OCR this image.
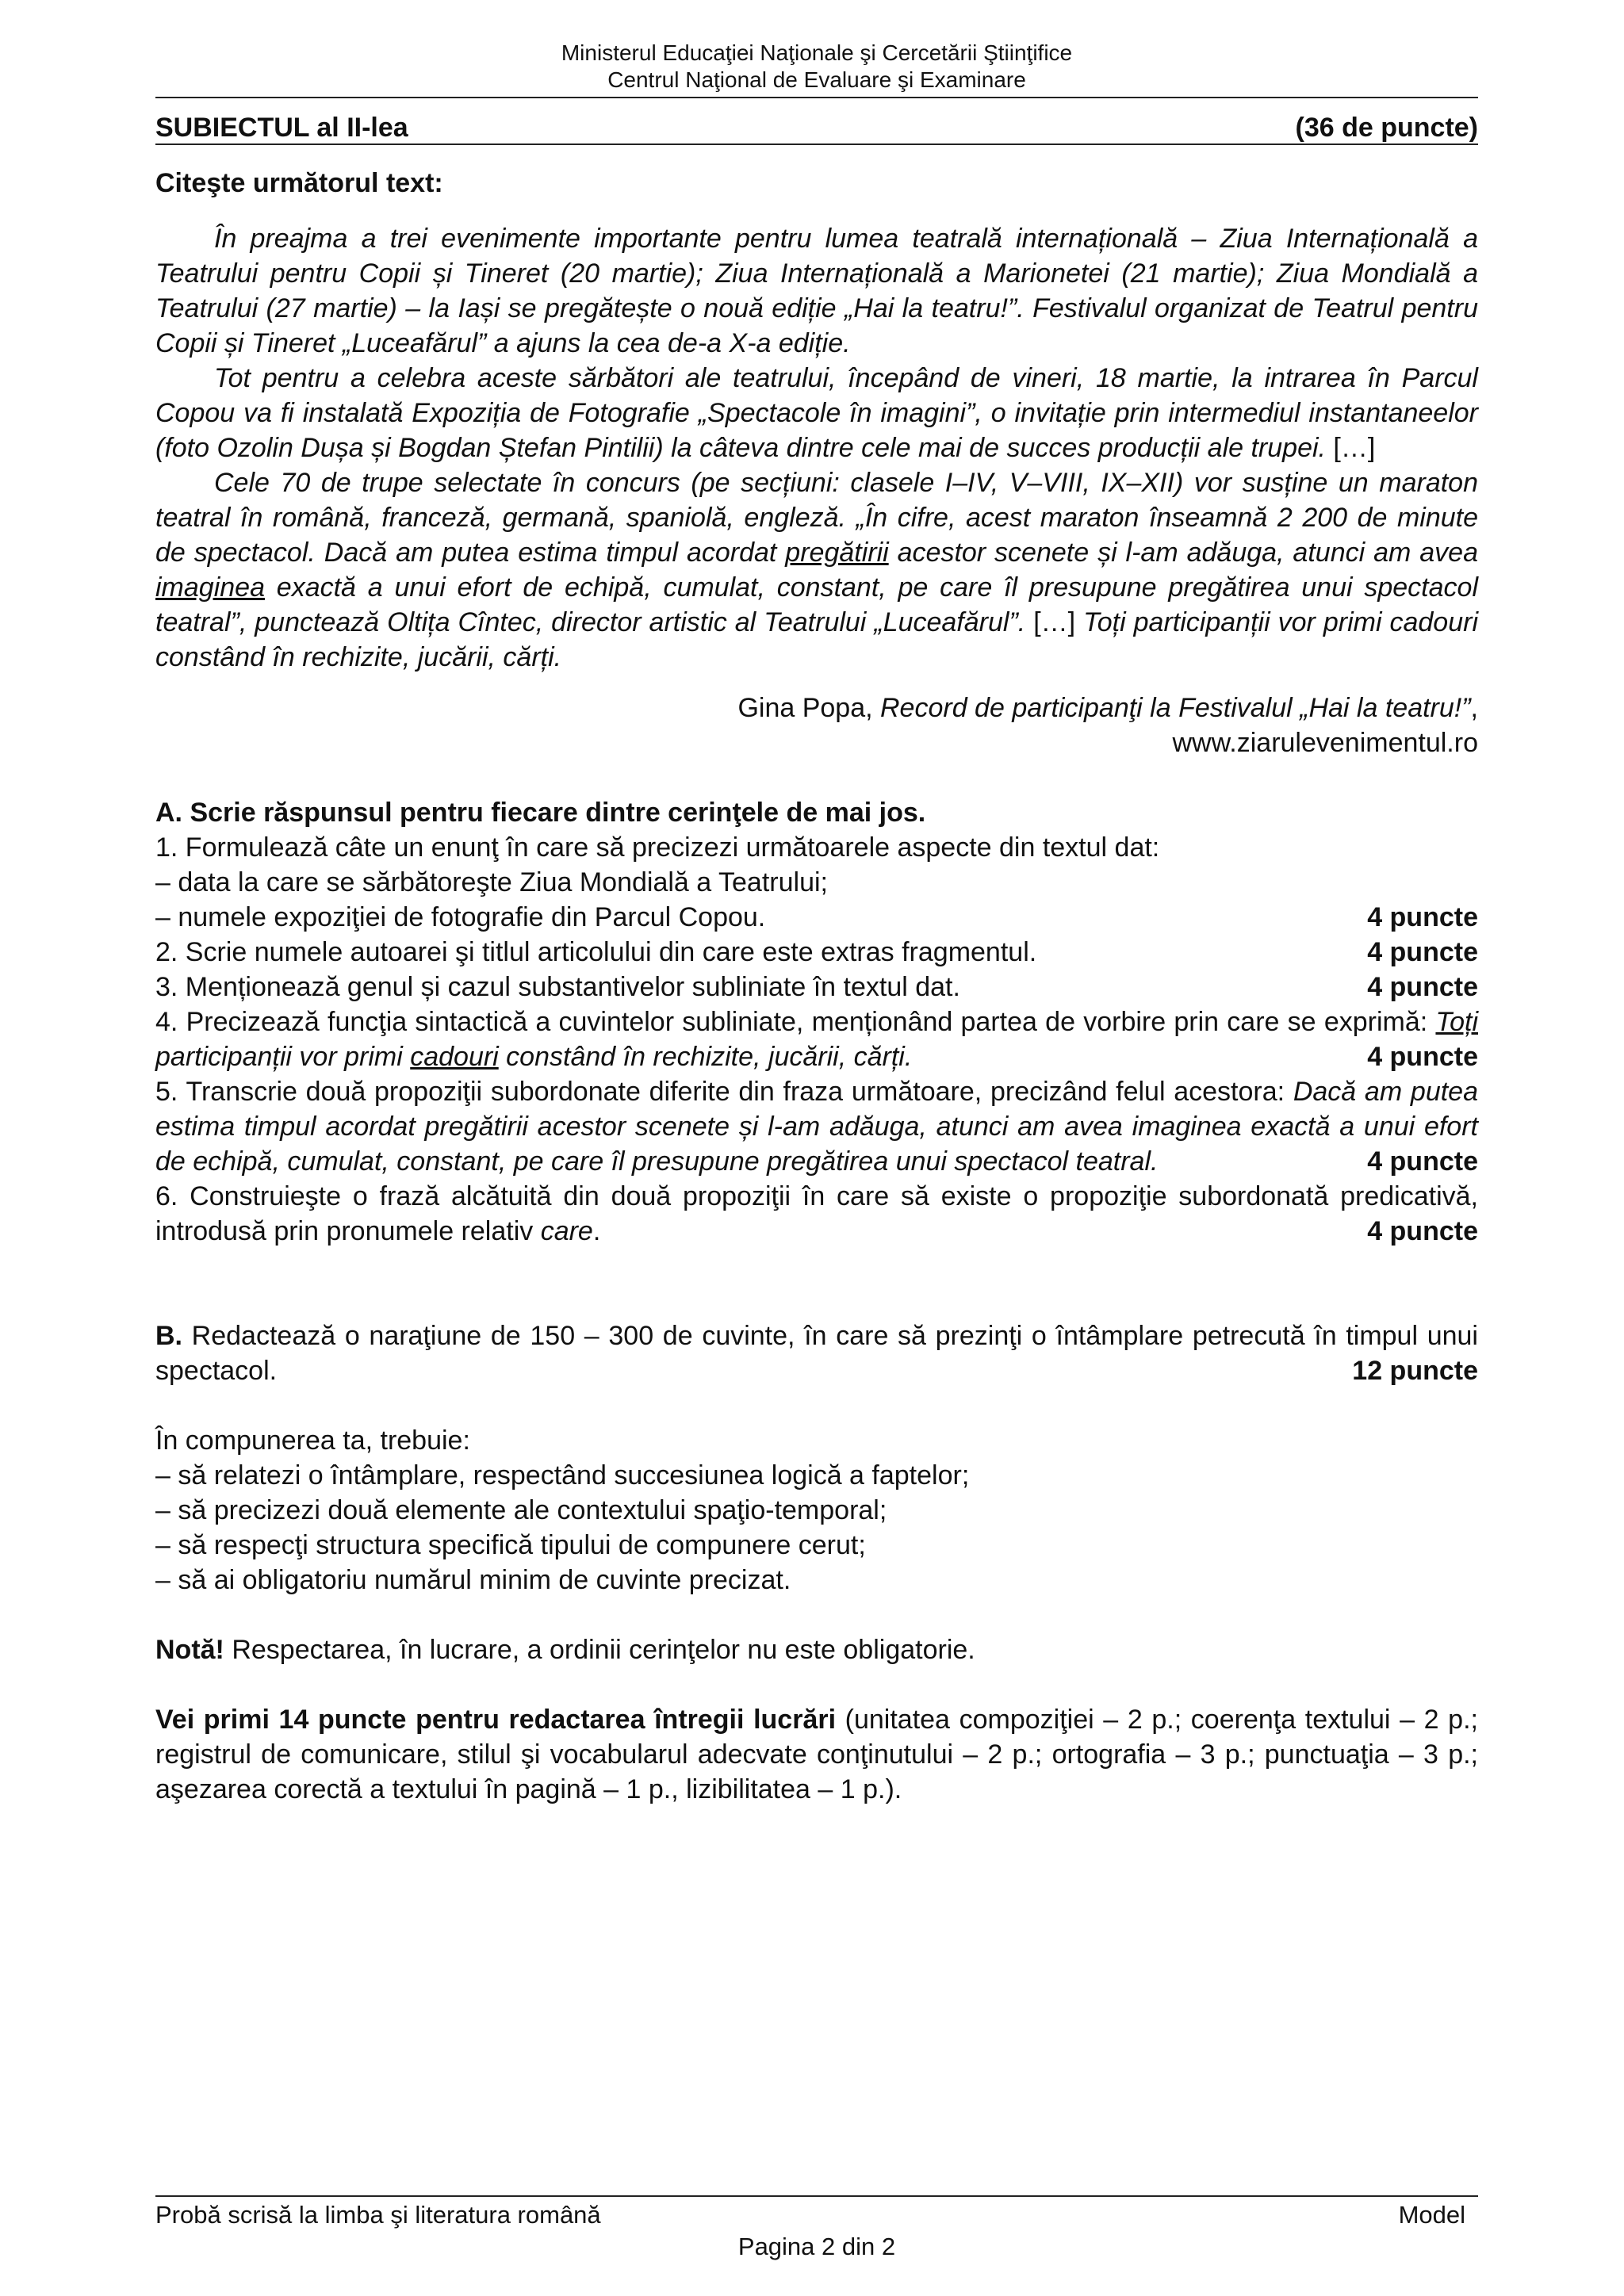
Ministerul Educaţiei Naţionale şi Cercetării Ştiinţifice
Centrul Naţional de Evaluare şi Examinare
SUBIECTUL al II-lea	(36 de puncte)

Citeşte următorul text:

În preajma a trei evenimente importante pentru lumea teatrală internațională – Ziua Internațională a Teatrului pentru Copii și Tineret (20 martie); Ziua Internațională a Marionetei (21 martie); Ziua Mondială a Teatrului (27 martie) – la Iași se pregătește o nouă ediție „Hai la teatru!”. Festivalul organizat de Teatrul pentru Copii și Tineret „Luceafărul” a ajuns la cea de-a X-a ediție.

Tot pentru a celebra aceste sărbători ale teatrului, începând de vineri, 18 martie, la intrarea în Parcul Copou va fi instalată Expoziția de Fotografie „Spectacole în imagini”, o invitație prin intermediul instantaneelor (foto Ozolin Dușa și Bogdan Ștefan Pintilii) la câteva dintre cele mai de succes producții ale trupei. […]

Cele 70 de trupe selectate în concurs (pe secțiuni: clasele I–IV, V–VIII, IX–XII) vor susține un maraton teatral în română, franceză, germană, spaniolă, engleză. „În cifre, acest maraton înseamnă 2 200 de minute de spectacol. Dacă am putea estima timpul acordat pregătirii acestor scenete și l-am adăuga, atunci am avea imaginea exactă a unui efort de echipă, cumulat, constant, pe care îl presupune pregătirea unui spectacol teatral”, punctează Oltița Cîntec, director artistic al Teatrului „Luceafărul”. […] Toți participanții vor primi cadouri constând în rechizite, jucării, cărți.

Gina Popa, Record de participanţi la Festivalul „Hai la teatru!”,

www.ziarulevenimentul.ro

A. Scrie răspunsul pentru fiecare dintre cerinţele de mai jos.

1. Formulează câte un enunţ în care să precizezi următoarele aspecte din textul dat:

– data la care se sărbătoreşte Ziua Mondială a Teatrului;

– numele expoziţiei de fotografie din Parcul Copou.	4 puncte

2. Scrie numele autoarei şi titlul articolului din care este extras fragmentul.	4 puncte

3. Menționează genul și cazul substantivelor subliniate în textul dat.	4 puncte

4. Precizează funcţia sintactică a cuvintelor subliniate, menționând partea de vorbire prin care se exprimă: Toți participanții vor primi cadouri constând în rechizite, jucării, cărți.	4 puncte

5. Transcrie două propoziţii subordonate diferite din fraza următoare, precizând felul acestora: Dacă am putea estima timpul acordat pregătirii acestor scenete și l-am adăuga, atunci am avea imaginea exactă a unui efort de echipă, cumulat, constant, pe care îl presupune pregătirea unui spectacol teatral.	4 puncte

6. Construieşte o frază alcătuită din două propoziţii în care să existe o propoziţie subordonată predicativă, introdusă prin pronumele relativ care.	4 puncte

B. Redactează o naraţiune de 150 – 300 de cuvinte, în care să prezinţi o întâmplare petrecută în timpul unui spectacol.	12 puncte

În compunerea ta, trebuie:

– să relatezi o întâmplare, respectând succesiunea logică a faptelor;

– să precizezi două elemente ale contextului spaţio-temporal;

– să respecţi structura specifică tipului de compunere cerut;

– să ai obligatoriu numărul minim de cuvinte precizat.

Notă! Respectarea, în lucrare, a ordinii cerinţelor nu este obligatorie.

Vei primi 14 puncte pentru redactarea întregii lucrări (unitatea compoziţiei – 2 p.; coerenţa textului – 2 p.; registrul de comunicare, stilul şi vocabularul adecvate conţinutului – 2 p.; ortografia – 3 p.; punctuaţia – 3 p.; aşezarea corectă a textului în pagină – 1 p., lizibilitatea – 1 p.).

Probă scrisă la limba şi literatura română	Model
Pagina 2 din 2
